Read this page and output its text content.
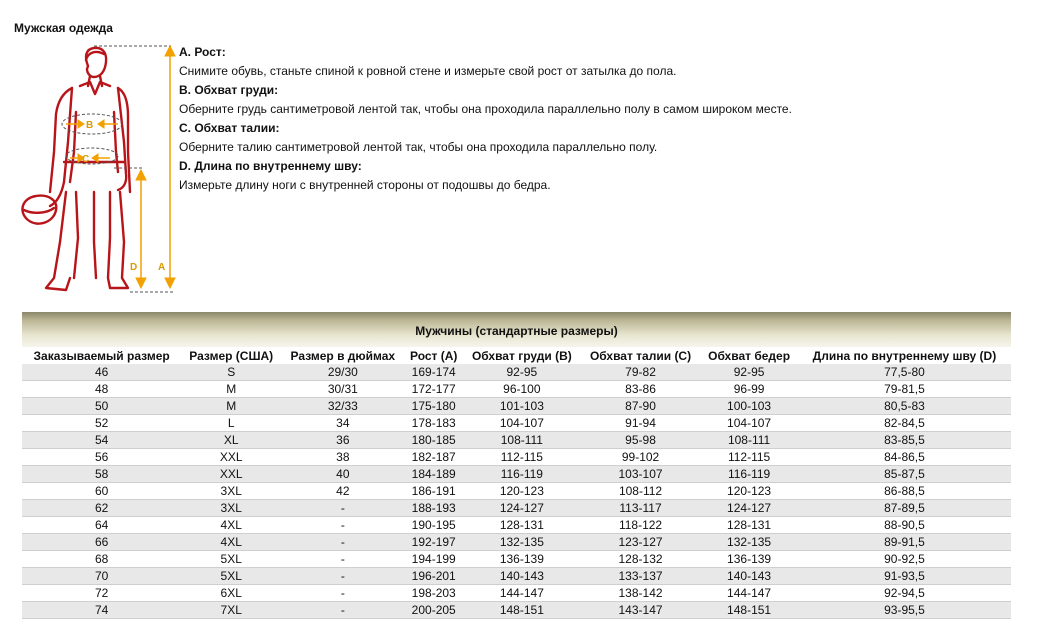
Мужская одежда
B
C
A
D
A. Рост:
Снимите обувь, станьте спиной к ровной стене и измерьте свой рост от затылка до пола.
B. Обхват груди:
Оберните грудь сантиметровой лентой так, чтобы она проходила параллельно полу в самом широком месте.
C. Обхват талии:
Оберните талию сантиметровой лентой так, чтобы она проходила параллельно полу.
D. Длина по внутреннему шву:
Измерьте длину ноги с внутренней стороны от подошвы до бедра.
Мужчины (стандартные размеры)
Заказываемый размер	Размер (США)	Размер в дюймах	Рост (A)	Обхват груди (B)	Обхват талии (C)	Обхват бедер	Длина по внутреннему шву (D)
46	S	29/30	169-174	92-95	79-82	92-95	77,5-80
48	M	30/31	172-177	96-100	83-86	96-99	79-81,5
50	M	32/33	175-180	101-103	87-90	100-103	80,5-83
52	L	34	178-183	104-107	91-94	104-107	82-84,5
54	XL	36	180-185	108-111	95-98	108-111	83-85,5
56	XXL	38	182-187	112-115	99-102	112-115	84-86,5
58	XXL	40	184-189	116-119	103-107	116-119	85-87,5
60	3XL	42	186-191	120-123	108-112	120-123	86-88,5
62	3XL	-	188-193	124-127	113-117	124-127	87-89,5
64	4XL	-	190-195	128-131	118-122	128-131	88-90,5
66	4XL	-	192-197	132-135	123-127	132-135	89-91,5
68	5XL	-	194-199	136-139	128-132	136-139	90-92,5
70	5XL	-	196-201	140-143	133-137	140-143	91-93,5
72	6XL	-	198-203	144-147	138-142	144-147	92-94,5
74	7XL	-	200-205	148-151	143-147	148-151	93-95,5
